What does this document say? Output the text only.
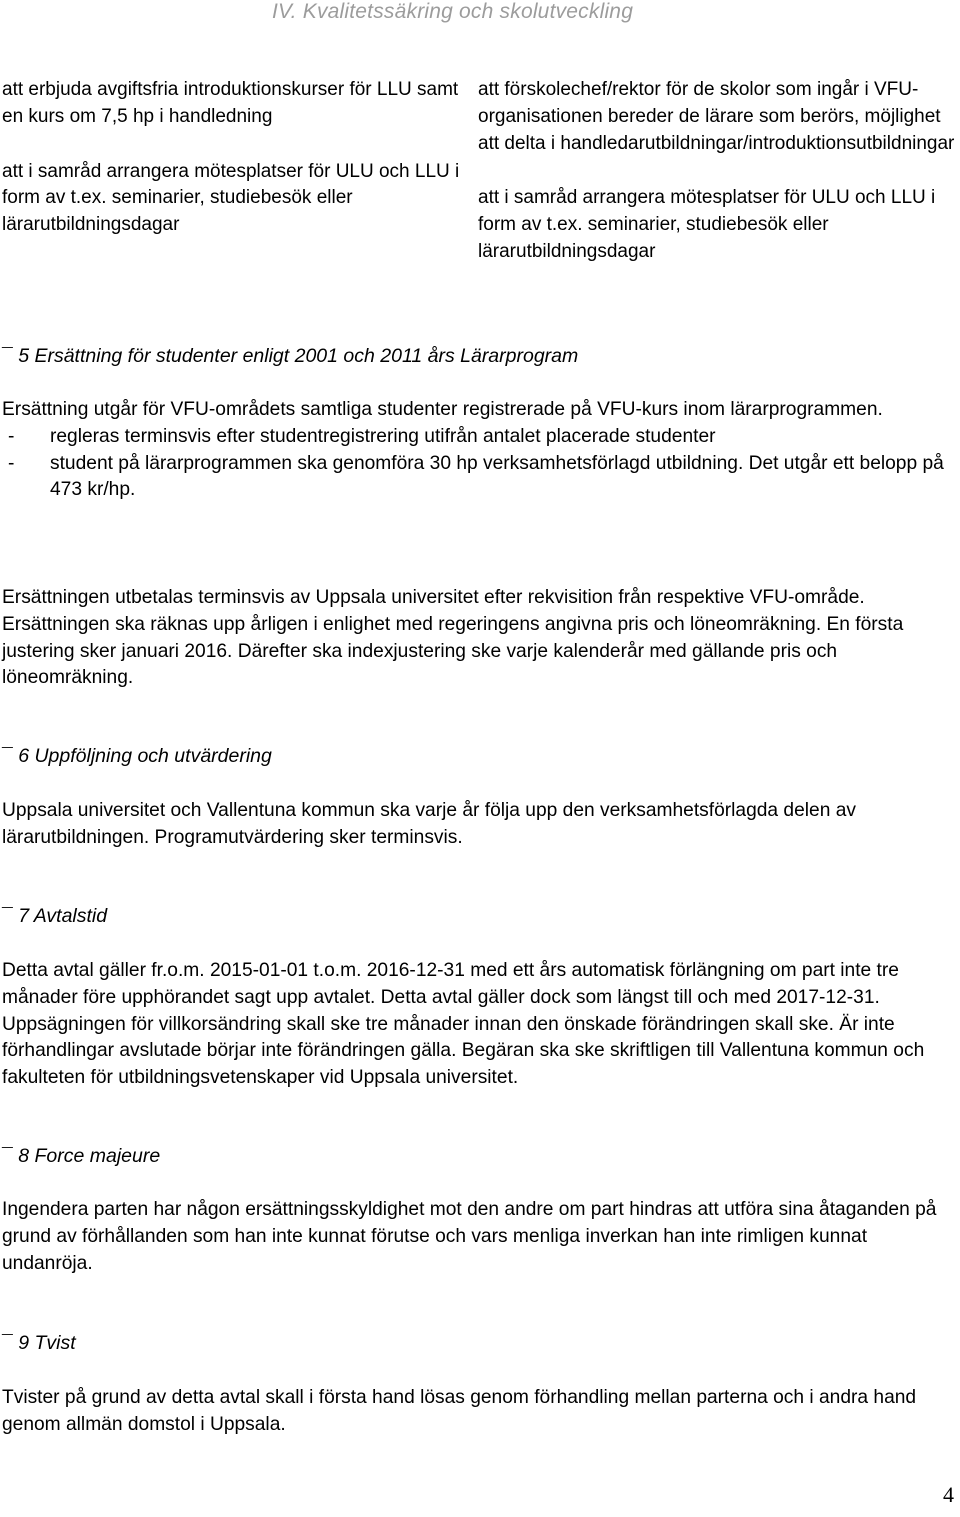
IV. Kvalitetssäkring och skolutveckling

att erbjuda avgiftsfria introduktionskurser för LLU samt en kurs om 7,5 hp i handledning

att i samråd arrangera mötesplatser för ULU och LLU i form av t.ex. seminarier, studiebesök eller lärarutbildningsdagar

att förskolechef/rektor för de skolor som ingår i VFU-organisationen bereder de lärare som berörs, möjlighet att delta i handledarutbildningar/introduktionsutbildningar

att i samråd arrangera mötesplatser för ULU och LLU i form av t.ex. seminarier, studiebesök eller lärarutbildningsdagar

¯ 5 Ersättning för studenter enligt 2001 och 2011 års Lärarprogram

Ersättning utgår för VFU-områdets samtliga studenter registrerade på VFU-kurs inom lärarprogrammen.

- regleras terminsvis efter studentregistrering utifrån antalet placerade studenter
- student på lärarprogrammen ska genomföra 30 hp verksamhetsförlagd utbildning. Det utgår ett belopp på 473 kr/hp.

Ersättningen utbetalas terminsvis av Uppsala universitet efter rekvisition från respektive VFU-område.

Ersättningen ska räknas upp årligen i enlighet med regeringens angivna pris och löneomräkning. En första justering sker januari 2016. Därefter ska indexjustering ske varje kalenderår med gällande pris och löneomräkning.

¯ 6 Uppföljning och utvärdering

Uppsala universitet och Vallentuna kommun ska varje år följa upp den verksamhetsförlagda delen av lärarutbildningen. Programutvärdering sker terminsvis.

¯ 7 Avtalstid

Detta avtal gäller fr.o.m. 2015-01-01 t.o.m. 2016-12-31 med ett års automatisk förlängning om part inte tre månader före upphörandet sagt upp avtalet. Detta avtal gäller dock som längst till och med 2017-12-31. Uppsägningen för villkorsändring skall ske tre månader innan den önskade förändringen skall ske. Är inte förhandlingar avslutade börjar inte förändringen gälla. Begäran ska ske skriftligen till Vallentuna kommun och fakulteten för utbildningsvetenskaper vid Uppsala universitet.

¯ 8 Force majeure

Ingendera parten har någon ersättningsskyldighet mot den andre om part hindras att utföra sina åtaganden på grund av förhållanden som han inte kunnat förutse och vars menliga inverkan han inte rimligen kunnat undanröja.

¯ 9 Tvist

Tvister på grund av detta avtal skall i första hand lösas genom förhandling mellan parterna och i andra hand genom allmän domstol i Uppsala.

4
